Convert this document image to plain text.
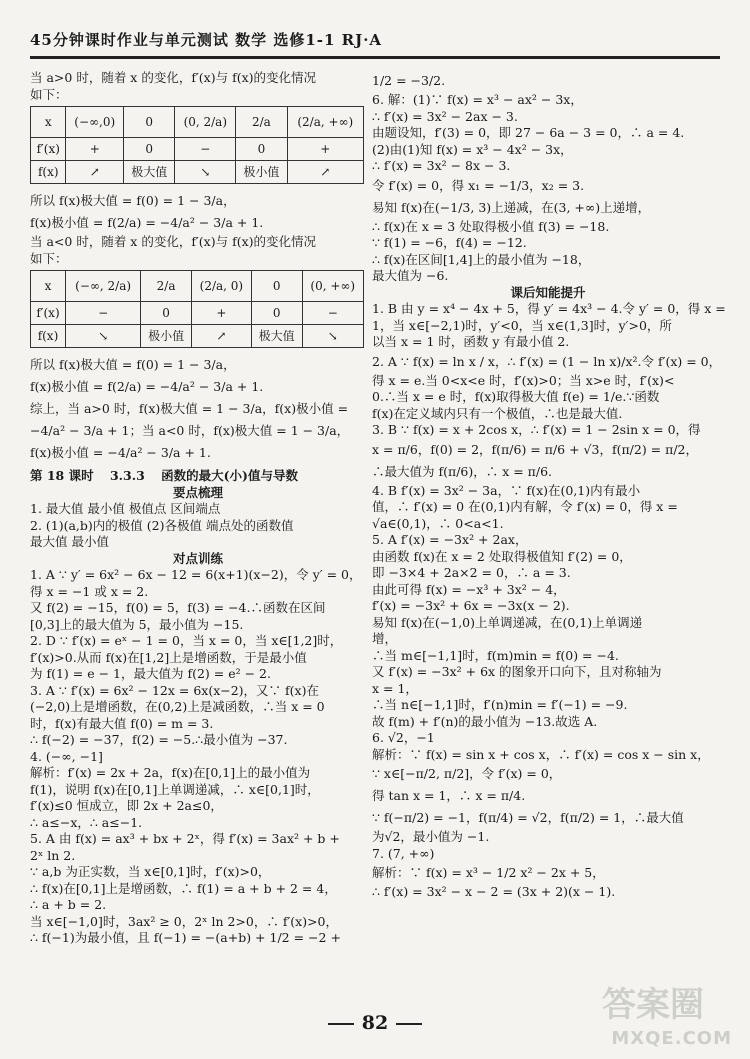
45分钟课时作业与单元测试 数学 选修1-1 RJ·A
当 a>0 时，随着 x 的变化，f′(x)与 f(x)的变化情况
如下：
x	(−∞,0)	0	(0, 2/a)	2/a	(2/a, +∞)
f′(x)	+	0	−	0	+
f(x)	↗	极大值	↘	极小值	↗
所以 f(x)极大值 = f(0) = 1 − 3/a，
f(x)极小值 = f(2/a) = −4/a² − 3/a + 1.
当 a<0 时，随着 x 的变化，f′(x)与 f(x)的变化情况
如下：
x	(−∞, 2/a)	2/a	(2/a, 0)	0	(0, +∞)
f′(x)	−	0	+	0	−
f(x)	↘	极小值	↗	极大值	↘
所以 f(x)极大值 = f(0) = 1 − 3/a，
f(x)极小值 = f(2/a) = −4/a² − 3/a + 1.
综上，当 a>0 时，f(x)极大值 = 1 − 3/a，f(x)极小值 =
−4/a² − 3/a + 1；当 a<0 时，f(x)极大值 = 1 − 3/a，
f(x)极小值 = −4/a² − 3/a + 1.
第 18 课时 3.3.3 函数的最大(小)值与导数
要点梳理
1. 最大值 最小值 极值点 区间端点
2. (1)(a,b)内的极值 (2)各极值 端点处的函数值
最大值 最小值
对点训练
1. A ∵ y′ = 6x² − 6x − 12 = 6(x+1)(x−2)，令 y′ = 0，
得 x = −1 或 x = 2.
又 f(2) = −15，f(0) = 5，f(3) = −4.∴函数在区间
[0,3]上的最大值为 5，最小值为 −15.
2. D ∵ f′(x) = eˣ − 1 = 0，当 x = 0，当 x∈[1,2]时，
f′(x)>0.从而 f(x)在[1,2]上是增函数，于是最小值
为 f(1) = e − 1，最大值为 f(2) = e² − 2.
3. A ∵ f′(x) = 6x² − 12x = 6x(x−2)，又∵ f(x)在
(−2,0)上是增函数，在(0,2)上是减函数，∴当 x = 0
时，f(x)有最大值 f(0) = m = 3.
∴ f(−2) = −37，f(2) = −5.∴最小值为 −37.
4. (−∞, −1]
解析：f′(x) = 2x + 2a，f(x)在[0,1]上的最小值为
f(1)，说明 f(x)在[0,1]上单调递减，∴ x∈[0,1]时，
f′(x)≤0 恒成立，即 2x + 2a≤0，
∴ a≤−x，∴ a≤−1.
5. A 由 f(x) = ax³ + bx + 2ˣ，得 f′(x) = 3ax² + b +
2ˣ ln 2.
∵ a,b 为正实数，当 x∈[0,1]时，f′(x)>0，
∴ f(x)在[0,1]上是增函数，∴ f(1) = a + b + 2 = 4，
∴ a + b = 2.
当 x∈[−1,0]时，3ax² ≥ 0，2ˣ ln 2>0，∴ f′(x)>0，
∴ f(−1)为最小值，且 f(−1) = −(a+b) + 1/2 = −2 +
1/2 = −3/2.
6. 解：(1)∵ f(x) = x³ − ax² − 3x，
∴ f′(x) = 3x² − 2ax − 3.
由题设知，f′(3) = 0，即 27 − 6a − 3 = 0，∴ a = 4.
(2)由(1)知 f(x) = x³ − 4x² − 3x，
∴ f′(x) = 3x² − 8x − 3.
令 f′(x) = 0，得 x₁ = −1/3，x₂ = 3.
易知 f(x)在(−1/3, 3)上递减，在(3, +∞)上递增，
∴ f(x)在 x = 3 处取得极小值 f(3) = −18.
∵ f(1) = −6，f(4) = −12.
∴ f(x)在区间[1,4]上的最小值为 −18，
最大值为 −6.
课后知能提升
1. B 由 y = x⁴ − 4x + 5，得 y′ = 4x³ − 4.令 y′ = 0，得 x =
1，当 x∈[−2,1)时，y′<0，当 x∈(1,3]时，y′>0，所
以当 x = 1 时，函数 y 有最小值 2.
2. A ∵ f(x) = ln x / x，∴ f′(x) = (1 − ln x)/x².令 f′(x) = 0，
得 x = e.当 0<x<e 时，f′(x)>0；当 x>e 时，f′(x)<
0.∴当 x = e 时，f(x)取得极大值 f(e) = 1/e.∵函数
f(x)在定义域内只有一个极值，∴也是最大值.
3. B ∵ f(x) = x + 2cos x，∴ f′(x) = 1 − 2sin x = 0，得
x = π/6，f(0) = 2，f(π/6) = π/6 + √3，f(π/2) = π/2，
∴最大值为 f(π/6)，∴ x = π/6.
4. B f′(x) = 3x² − 3a，∵ f(x)在(0,1)内有最小
值，∴ f′(x) = 0 在(0,1)内有解，令 f′(x) = 0，得 x =
√a∈(0,1)，∴ 0<a<1.
5. A f′(x) = −3x² + 2ax，
由函数 f(x)在 x = 2 处取得极值知 f′(2) = 0，
即 −3×4 + 2a×2 = 0，∴ a = 3.
由此可得 f(x) = −x³ + 3x² − 4，
f′(x) = −3x² + 6x = −3x(x − 2).
易知 f(x)在(−1,0)上单调递减，在(0,1)上单调递
增，
∴当 m∈[−1,1]时，f(m)min = f(0) = −4.
又 f′(x) = −3x² + 6x 的图象开口向下，且对称轴为
x = 1，
∴当 n∈[−1,1]时，f′(n)min = f′(−1) = −9.
故 f(m) + f′(n)的最小值为 −13.故选 A.
6. √2，−1
解析：∵ f(x) = sin x + cos x，∴ f′(x) = cos x − sin x，
∵ x∈[−π/2, π/2]，令 f′(x) = 0，
得 tan x = 1，∴ x = π/4.
∵ f(−π/2) = −1，f(π/4) = √2，f(π/2) = 1，∴最大值
为√2，最小值为 −1.
7. (7, +∞)
解析：∵ f(x) = x³ − 1/2 x² − 2x + 5，
∴ f′(x) = 3x² − x − 2 = (3x + 2)(x − 1).
82	答案圈
MXQE.COM
